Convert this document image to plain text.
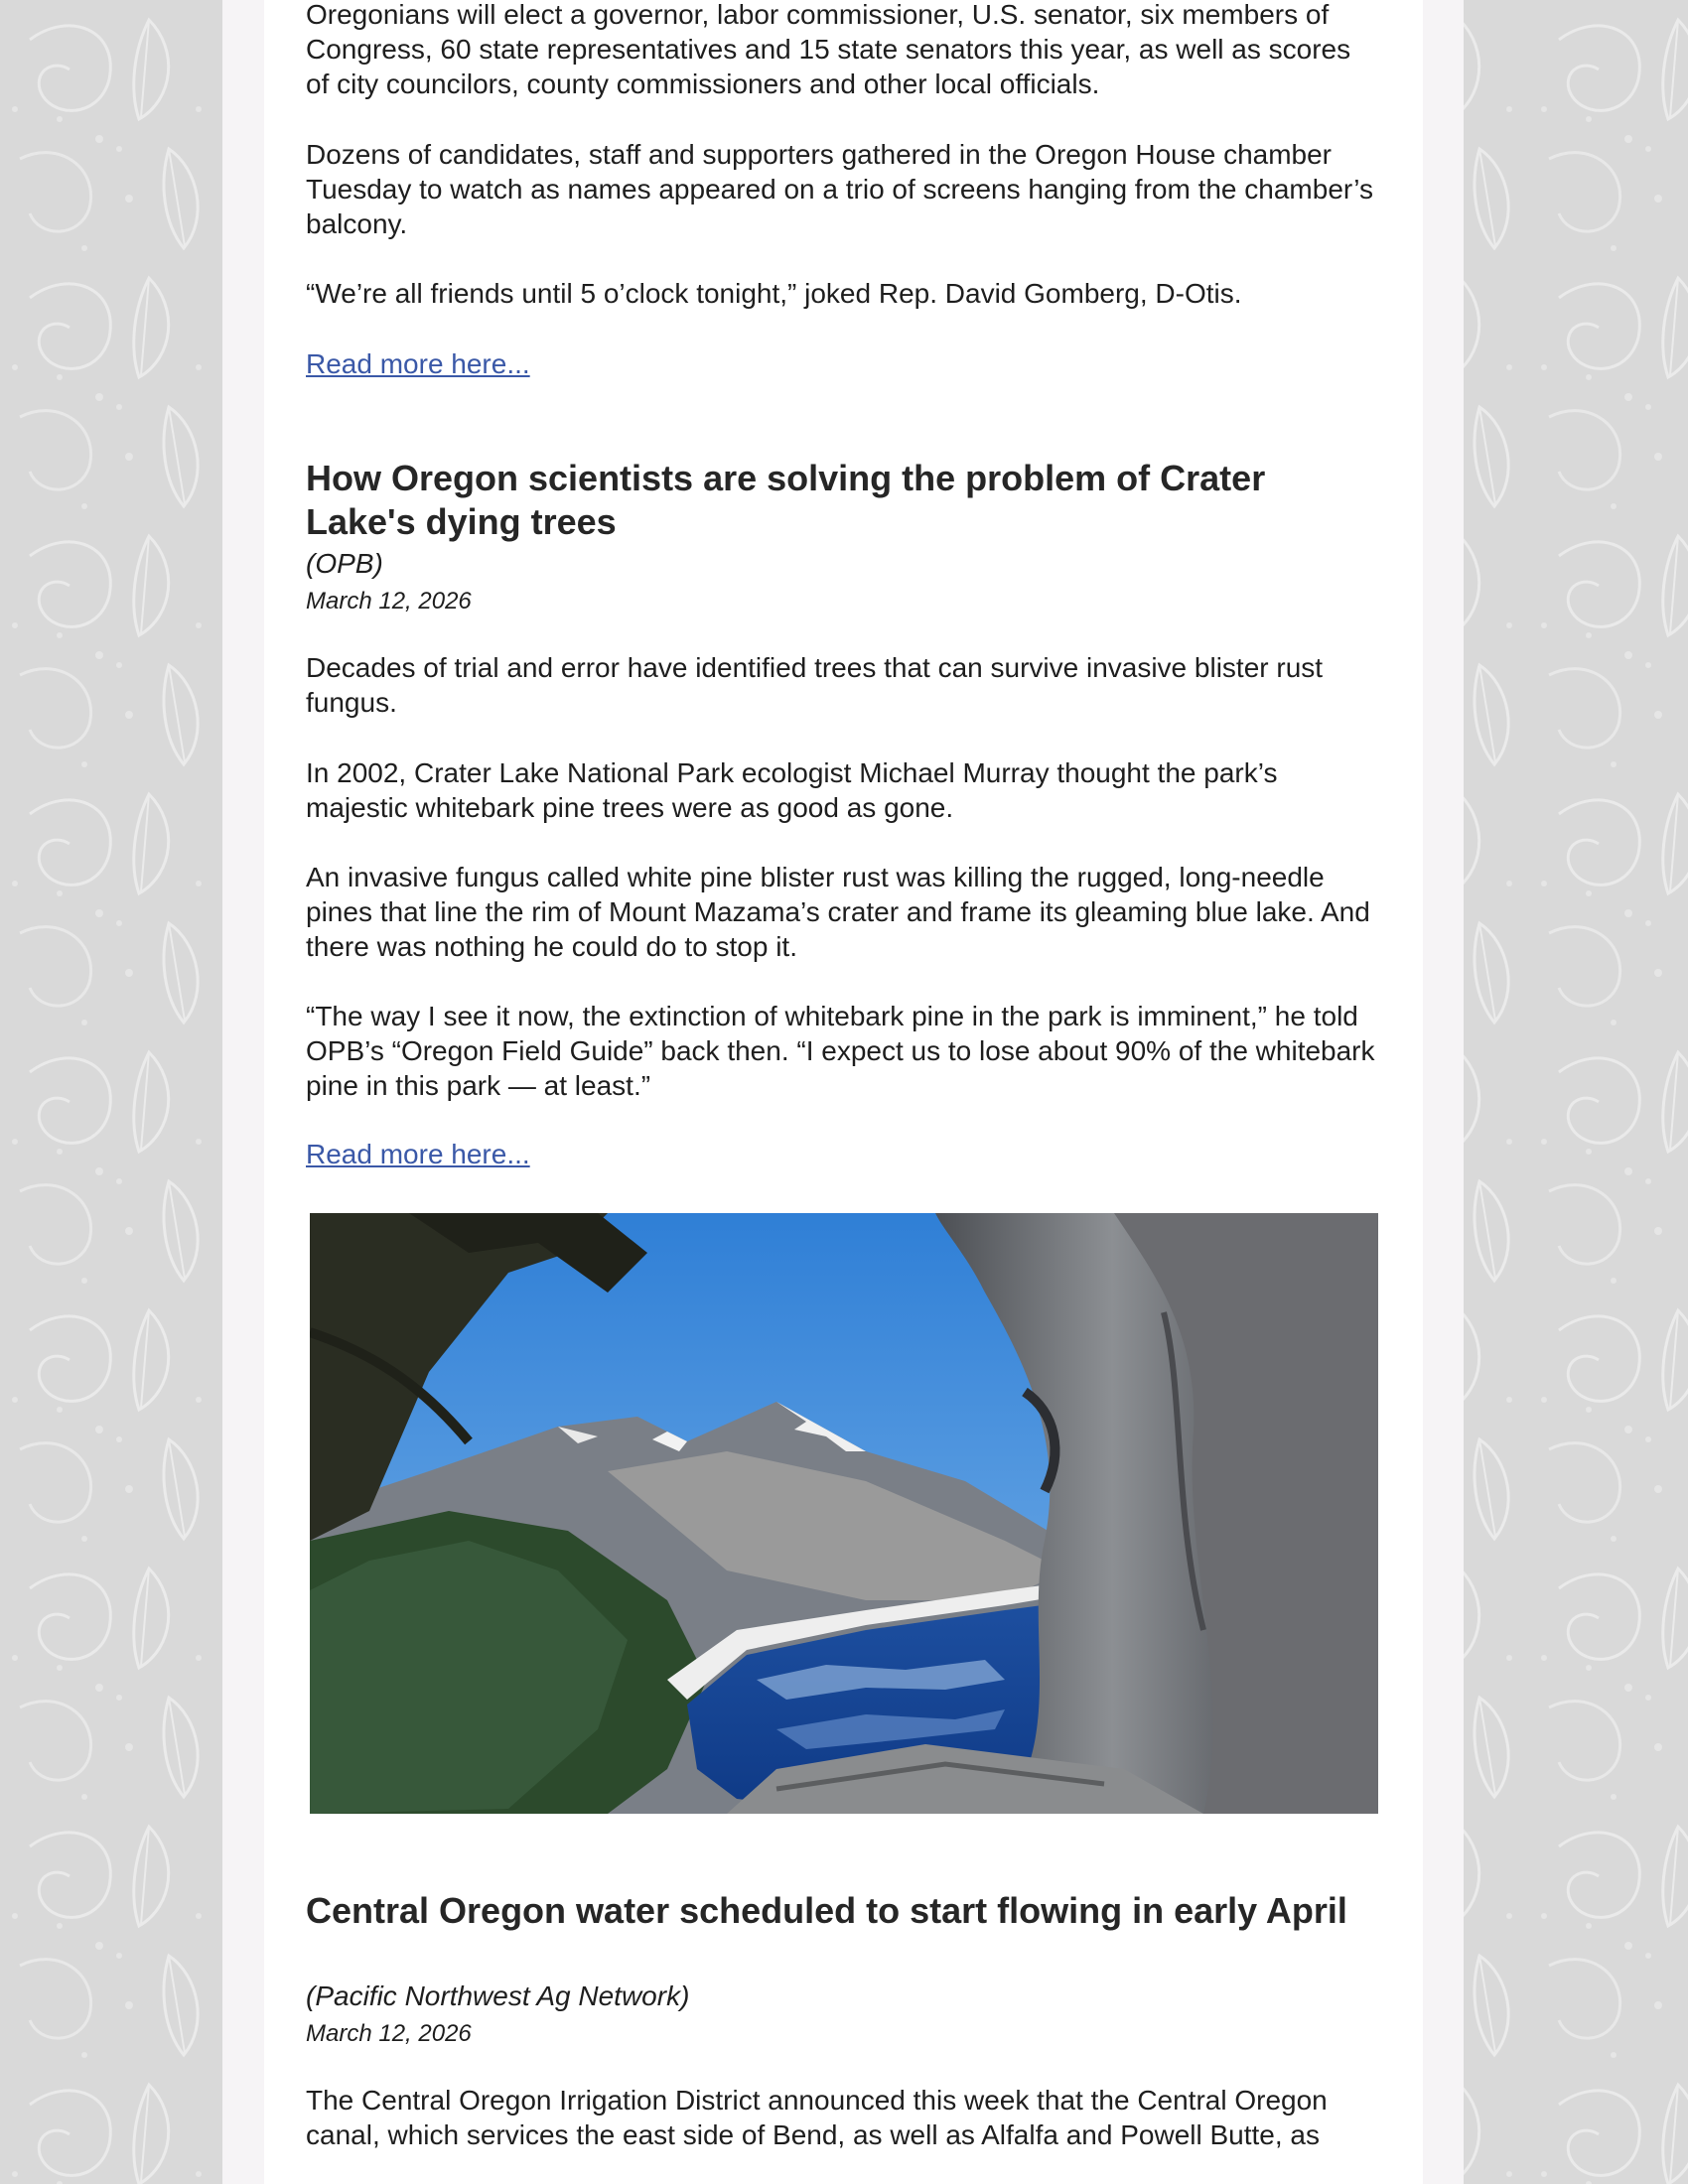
Oregonians will elect a governor, labor commissioner, U.S. senator, six members of Congress, 60 state representatives and 15 state senators this year, as well as scores of city councilors, county commissioners and other local officials.

Dozens of candidates, staff and supporters gathered in the Oregon House chamber Tuesday to watch as names appeared on a trio of screens hanging from the chamber’s balcony.

“We’re all friends until 5 o’clock tonight,” joked Rep. David Gomberg, D-Otis.

Read more here...
How Oregon scientists are solving the problem of Crater Lake's dying trees
(OPB)
March 12, 2026

Decades of trial and error have identified trees that can survive invasive blister rust fungus.

In 2002, Crater Lake National Park ecologist Michael Murray thought the park’s majestic whitebark pine trees were as good as gone.

An invasive fungus called white pine blister rust was killing the rugged, long-needle pines that line the rim of Mount Mazama’s crater and frame its gleaming blue lake. And there was nothing he could do to stop it.

“The way I see it now, the extinction of whitebark pine in the park is imminent,” he told OPB’s “Oregon Field Guide” back then. “I expect us to lose about 90% of the whitebark pine in this park — at least.”

Read more here...
Central Oregon water scheduled to start flowing in early April
(Pacific Northwest Ag Network)
March 12, 2026

The Central Oregon Irrigation District announced this week that the Central Oregon canal, which services the east side of Bend, as well as Alfalfa and Powell Butte, as
